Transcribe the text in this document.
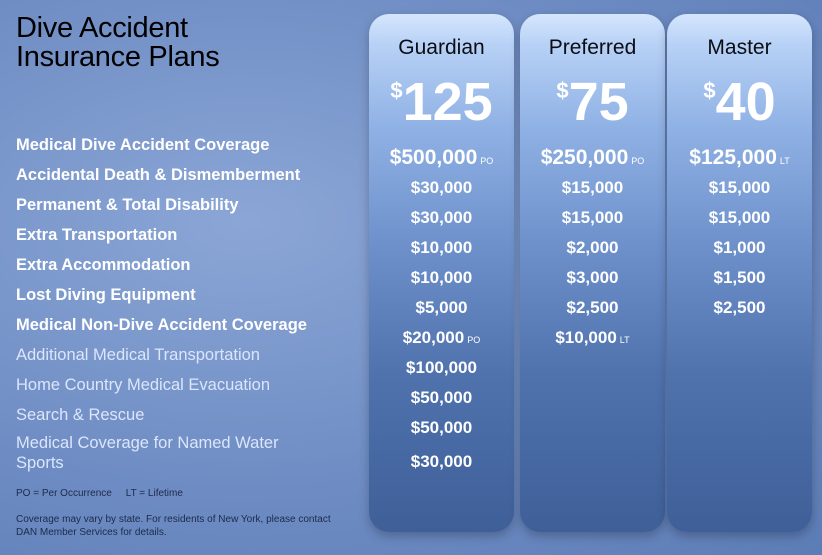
Dive Accident
Insurance Plans
Medical Dive Accident Coverage
Accidental Death & Dismemberment
Permanent & Total Disability
Extra Transportation
Extra Accommodation
Lost Diving Equipment
Medical Non-Dive Accident Coverage
Additional Medical Transportation
Home Country Medical Evacuation
Search & Rescue
Medical Coverage for Named Water Sports
PO = Per Occurrence     LT = Lifetime
Coverage may vary by state. For residents of New York, please contact DAN Member Services for details.
Guardian
$125
$500,000 PO
$30,000
$30,000
$10,000
$10,000
$5,000
$20,000 PO
$100,000
$50,000
$50,000
$30,000
Preferred
$75
$250,000 PO
$15,000
$15,000
$2,000
$3,000
$2,500
$10,000 LT
Master
$40
$125,000 LT
$15,000
$15,000
$1,000
$1,500
$2,500
